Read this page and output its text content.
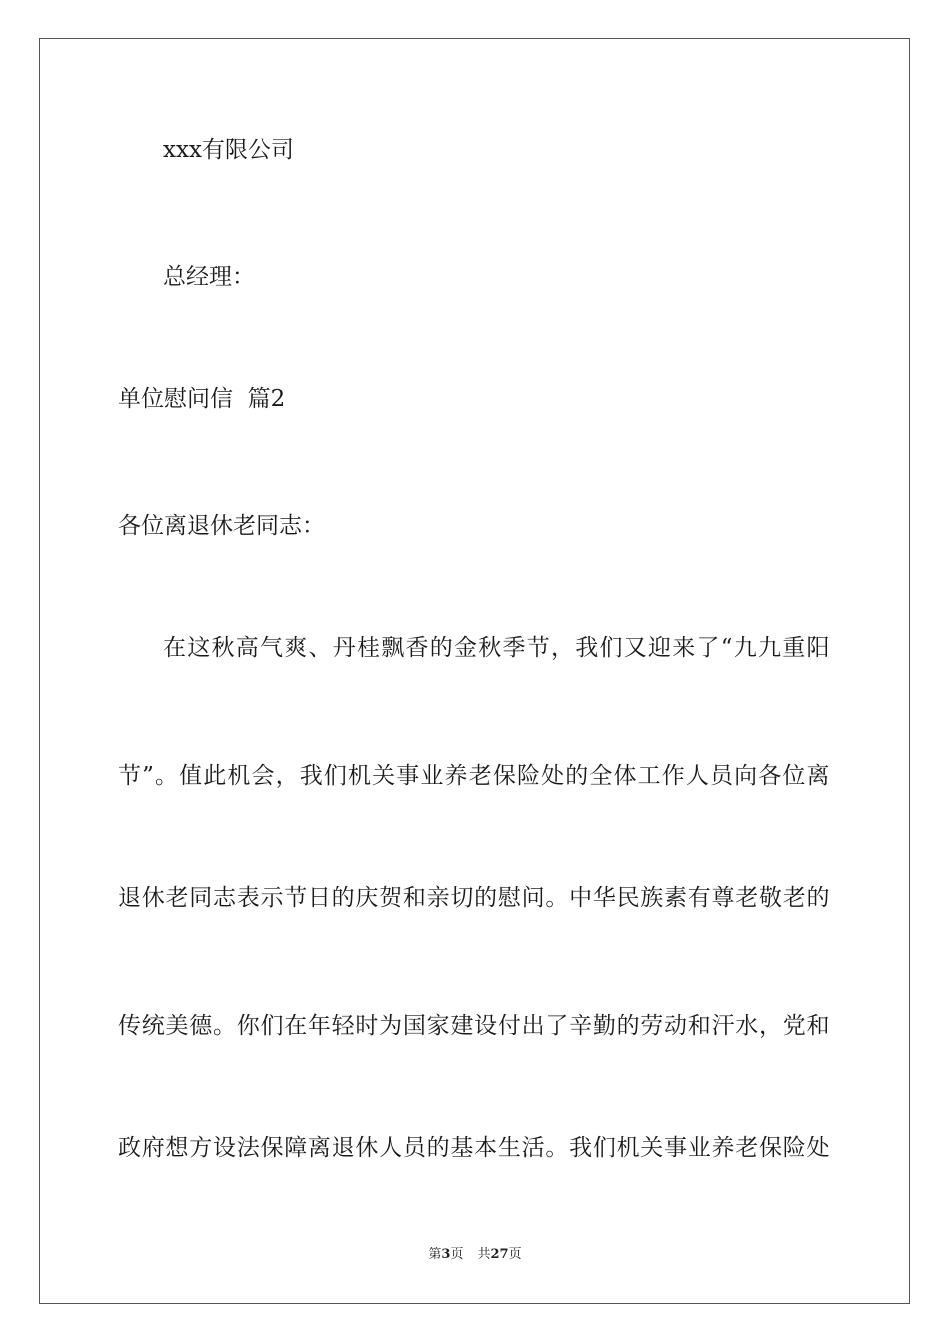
xxx有限公司
总经理：
单位慰问信  篇2
各位离退休老同志：
在这秋高气爽、丹桂飘香的金秋季节，我们又迎来了“九九重阳
节”。值此机会，我们机关事业养老保险处的全体工作人员向各位离
退休老同志表示节日的庆贺和亲切的慰问。中华民族素有尊老敬老的
传统美德。你们在年轻时为国家建设付出了辛勤的劳动和汗水，党和
政府想方设法保障离退休人员的基本生活。我们机关事业养老保险处
第3页 共27页
